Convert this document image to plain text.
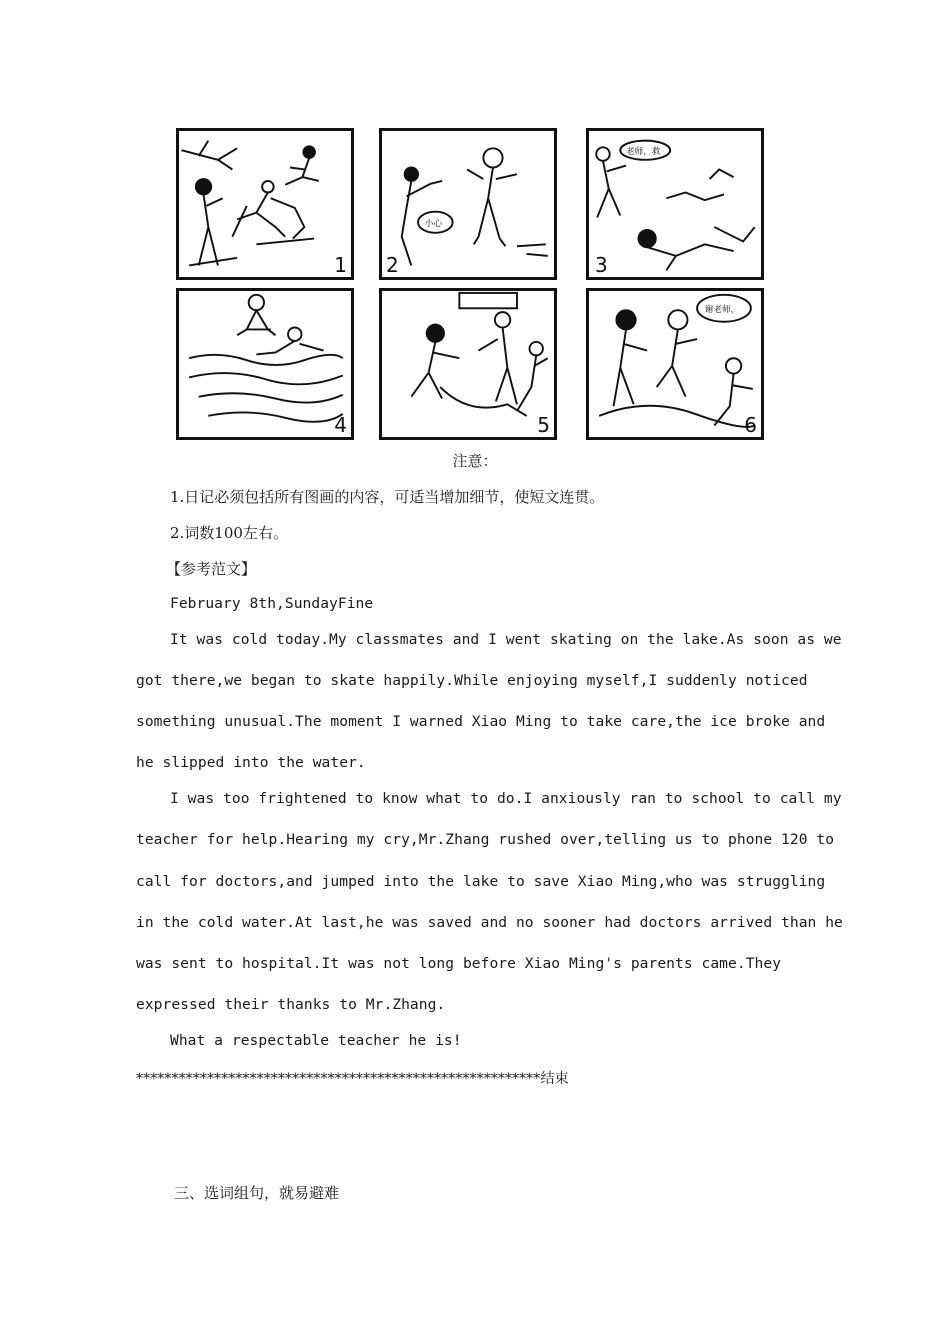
1
小心
2
老师，救
3
4	5
谢老师，
6
注意：
1.日记必须包括所有图画的内容，可适当增加细节，使短文连贯。
2.词数100左右。
【参考范文】
February 8th,SundayFine
It was cold today.My classmates and I went skating on the lake.As soon as we
got there,we began to skate happily.While enjoying myself,I suddenly noticed
something unusual.The moment I warned Xiao Ming to take care,the ice broke and
he slipped into the water.
I was too frightened to know what to do.I anxiously ran to school to call my
teacher for help.Hearing my cry,Mr.Zhang rushed over,telling us to phone 120 to
call for doctors,and jumped into the lake to save Xiao Ming,who was struggling
in the cold water.At last,he was saved and no sooner had doctors arrived than he
was sent to hospital.It was not long before Xiao Ming's parents came.They
expressed their thanks to Mr.Zhang.
What a respectable teacher he is!
*********************************************************结束
三、选词组句，就易避难
